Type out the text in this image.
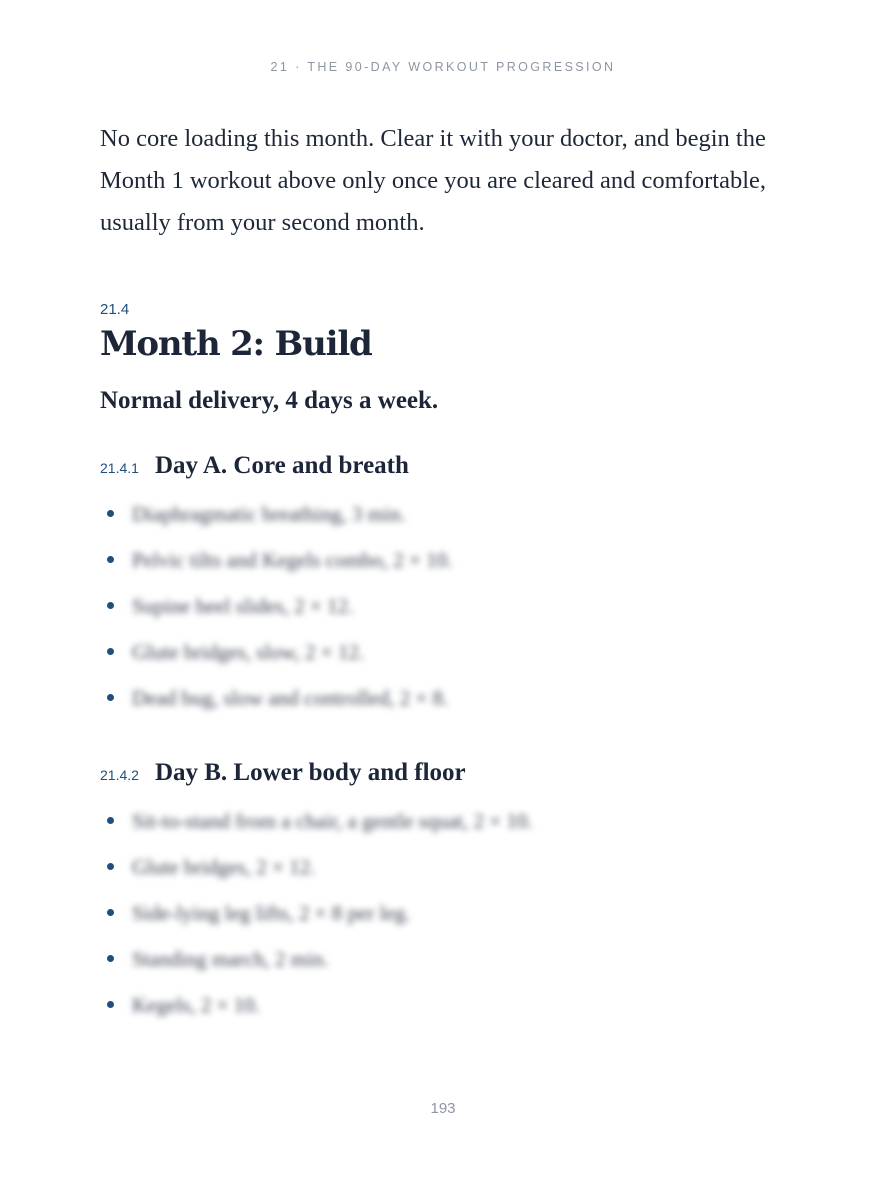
21 · THE 90-DAY WORKOUT PROGRESSION

No core loading this month. Clear it with your doctor, and begin the Month 1 workout above only once you are cleared and comfortable, usually from your second month.

21.4
Month 2: Build
Normal delivery, 4 days a week.
21.4.1 Day A. Core and breath
Diaphragmatic breathing, 3 min.
Pelvic tilts and Kegels combo, 2 × 10.
Supine heel slides, 2 × 12.
Glute bridges, slow, 2 × 12.
Dead bug, slow and controlled, 2 × 8.
21.4.2 Day B. Lower body and floor
Sit-to-stand from a chair, a gentle squat, 2 × 10.
Glute bridges, 2 × 12.
Side-lying leg lifts, 2 × 8 per leg.
Standing march, 2 min.
Kegels, 2 × 10.
193
